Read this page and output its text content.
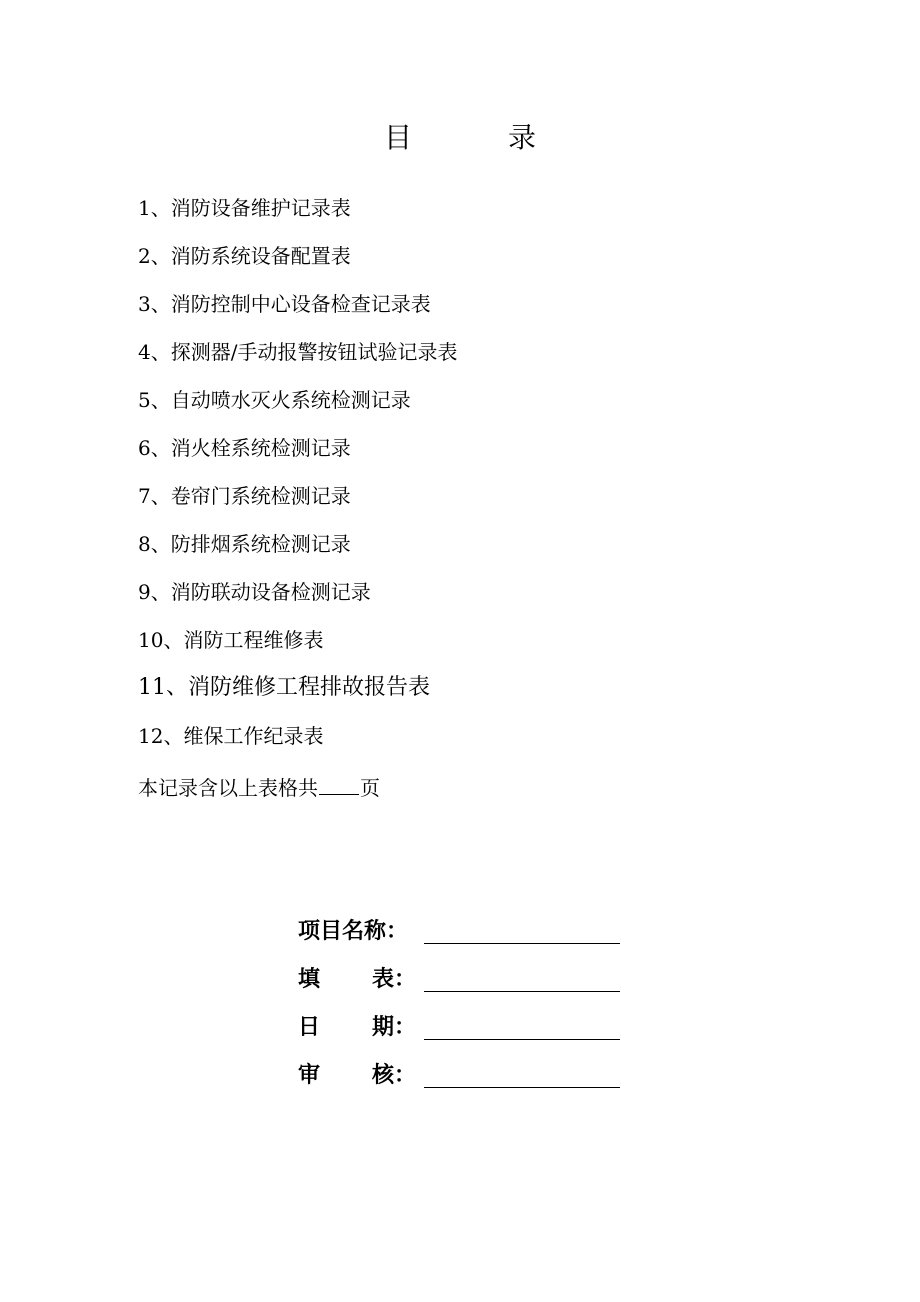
目	录
1、消防设备维护记录表
2、消防系统设备配置表
3、消防控制中心设备检查记录表
4、探测器/手动报警按钮试验记录表
5、自动喷水灭火系统检测记录
6、消火栓系统检测记录
7、卷帘门系统检测记录
8、防排烟系统检测记录
9、消防联动设备检测记录
10、消防工程维修表
11、消防维修工程排故报告表
12、维保工作纪录表
本记录含以上表格共 页
项目名称：
填 表：
日 期：
审 核：
